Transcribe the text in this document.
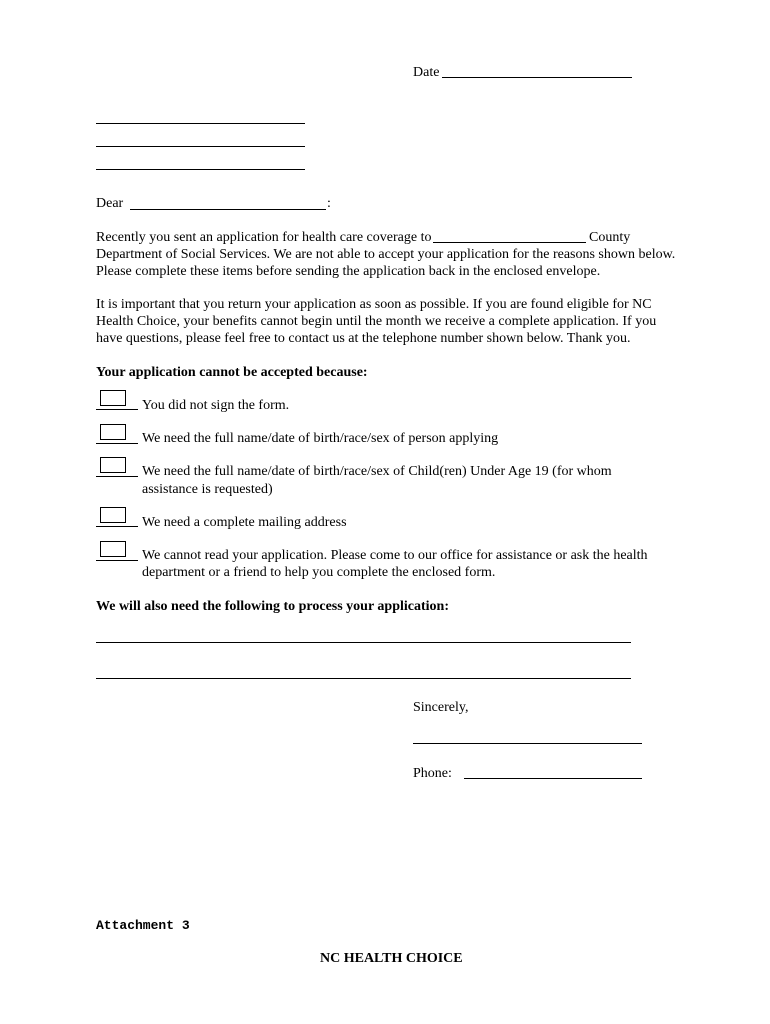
Date
Dear	:
Recently you sent an application for health care coverage to	County
Department of Social Services. We are not able to accept your application for the reasons shown below.
Please complete these items before sending the application back in the enclosed envelope.
It is important that you return your application as soon as possible. If you are found eligible for NC
Health Choice, your benefits cannot begin until the month we receive a complete application. If you
have questions, please feel free to contact us at the telephone number shown below. Thank you.
Your application cannot be accepted because:
You did not sign the form.
We need the full name/date of birth/race/sex of person applying
We need the full name/date of birth/race/sex of Child(ren) Under Age 19 (for whom
assistance is requested)
We need a complete mailing address
We cannot read your application. Please come to our office for assistance or ask the health
department or a friend to help you complete the enclosed form.
We will also need the following to process your application:
Sincerely,
Phone:
Attachment 3
NC HEALTH CHOICE
